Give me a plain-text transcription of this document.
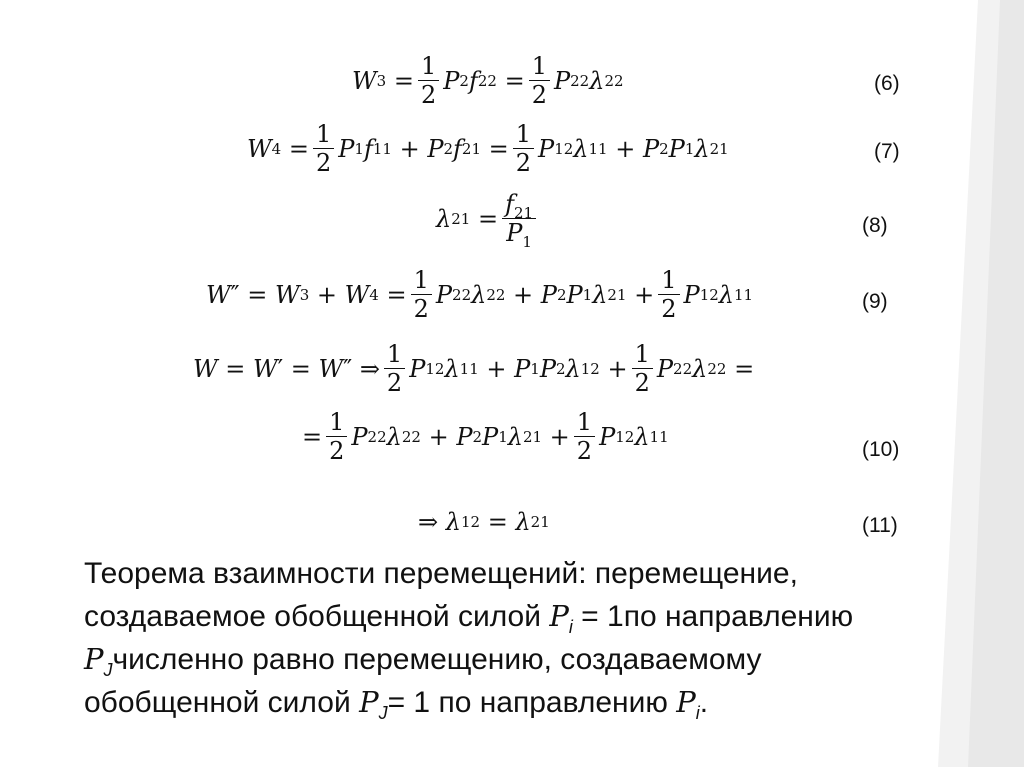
W $3 = \frac{1}{2}$ P 2 f $22 = \frac{1}{2}$ P 2 2 λ 22	(6)
W $4 = \frac{1}{2}$ P 1 f 11 + P 2 f $21 = \frac{1}{2}$ P 1 2 λ 11 + P 2 P 1 λ 21	(7)
λ $21 = \frac{f_{21}}{P_1}$	(8)
W ″ = W 3 + W $4 = \frac{1}{2}$ P 2 2 λ 22 + P 2 P 1 λ $21 + \frac{1}{2}$ P 1 2 λ 11	(9)
W = W ′ = W ″ ⇒ $\frac{1}{2}$ P 1 2 λ 11 + P 1 P 2 λ $12 + \frac{1}{2}$ P 2 2 λ 22 =
= $\frac{1}{2}$ P 2 2 λ 22 + P 2 P 1 λ $21 + \frac{1}{2}$ P 1 2 λ 11
(10)
⇒ λ 12 = λ 21	(11)
Теорема взаимности перемещений: перемещение,
создаваемое обобщенной силой $P_i = 1по$ направлению
$P_Jчисленно$ равно перемещению, создаваемому
обобщенной силой $P_J= 1$ по направлению $P_i$.
